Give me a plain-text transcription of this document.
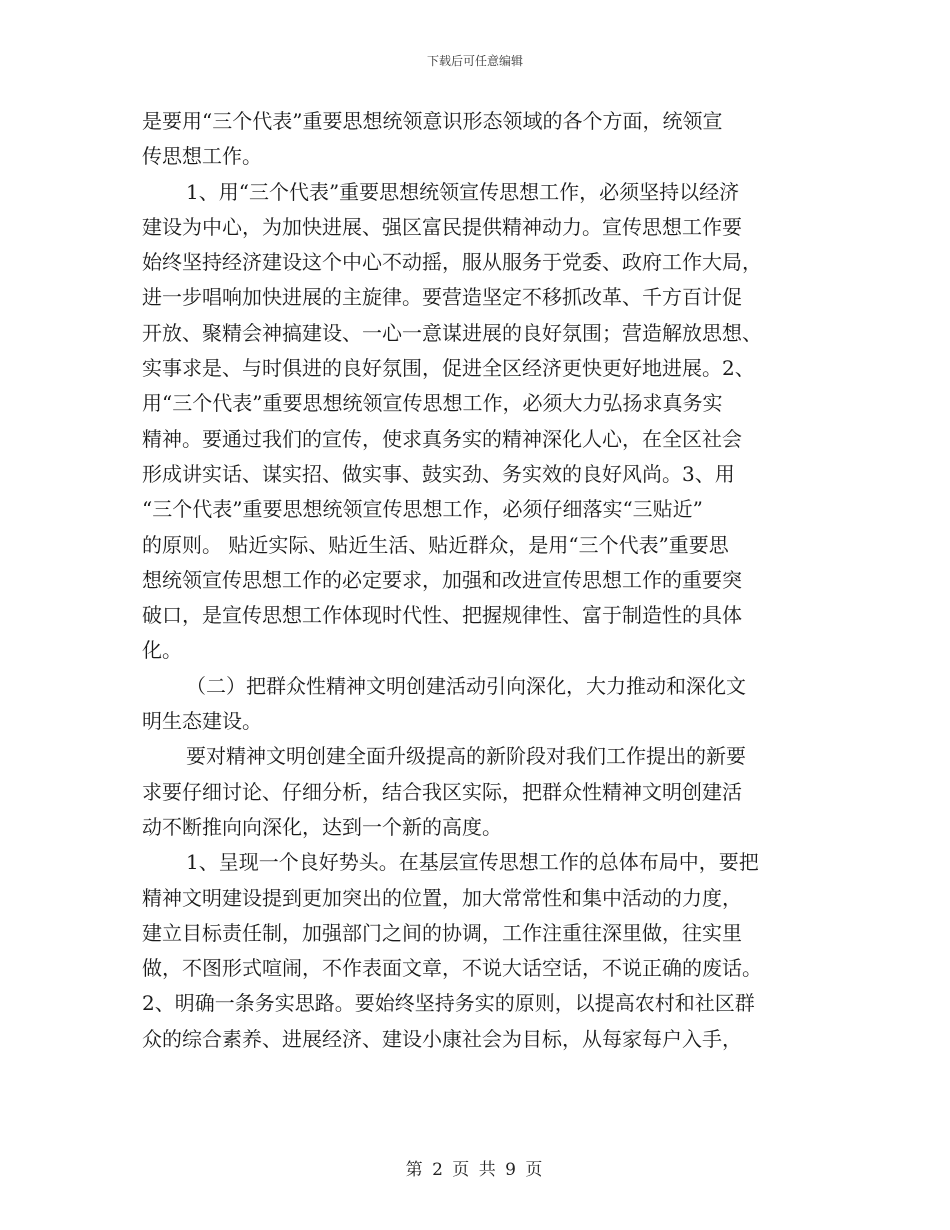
下载后可任意编辑
是要用“三个代表”重要思想统领意识形态领域的各个方面，统领宣
传思想工作。
1、用“三个代表”重要思想统领宣传思想工作，必须坚持以经济
建设为中心，为加快进展、强区富民提供精神动力。宣传思想工作要
始终坚持经济建设这个中心不动摇，服从服务于党委、政府工作大局，
进一步唱响加快进展的主旋律。要营造坚定不移抓改革、千方百计促
开放、聚精会神搞建设、一心一意谋进展的良好氛围；营造解放思想、
实事求是、与时俱进的良好氛围，促进全区经济更快更好地进展。2、
用“三个代表”重要思想统领宣传思想工作，必须大力弘扬求真务实
精神。要通过我们的宣传，使求真务实的精神深化人心，在全区社会
形成讲实话、谋实招、做实事、鼓实劲、务实效的良好风尚。3、用
“三个代表”重要思想统领宣传思想工作，必须仔细落实“三贴近”
的原则。 贴近实际、贴近生活、贴近群众，是用“三个代表”重要思
想统领宣传思想工作的必定要求，加强和改进宣传思想工作的重要突
破口，是宣传思想工作体现时代性、把握规律性、富于制造性的具体
化。
（二）把群众性精神文明创建活动引向深化，大力推动和深化文
明生态建设。
要对精神文明创建全面升级提高的新阶段对我们工作提出的新要
求要仔细讨论、仔细分析，结合我区实际，把群众性精神文明创建活
动不断推向向深化，达到一个新的高度。
1、呈现一个良好势头。在基层宣传思想工作的总体布局中，要把
精神文明建设提到更加突出的位置，加大常常性和集中活动的力度，
建立目标责任制，加强部门之间的协调，工作注重往深里做，往实里
做，不图形式喧闹，不作表面文章，不说大话空话，不说正确的废话。
2、明确一条务实思路。要始终坚持务实的原则，以提高农村和社区群
众的综合素养、进展经济、建设小康社会为目标，从每家每户入手，
第 2 页 共 9 页
